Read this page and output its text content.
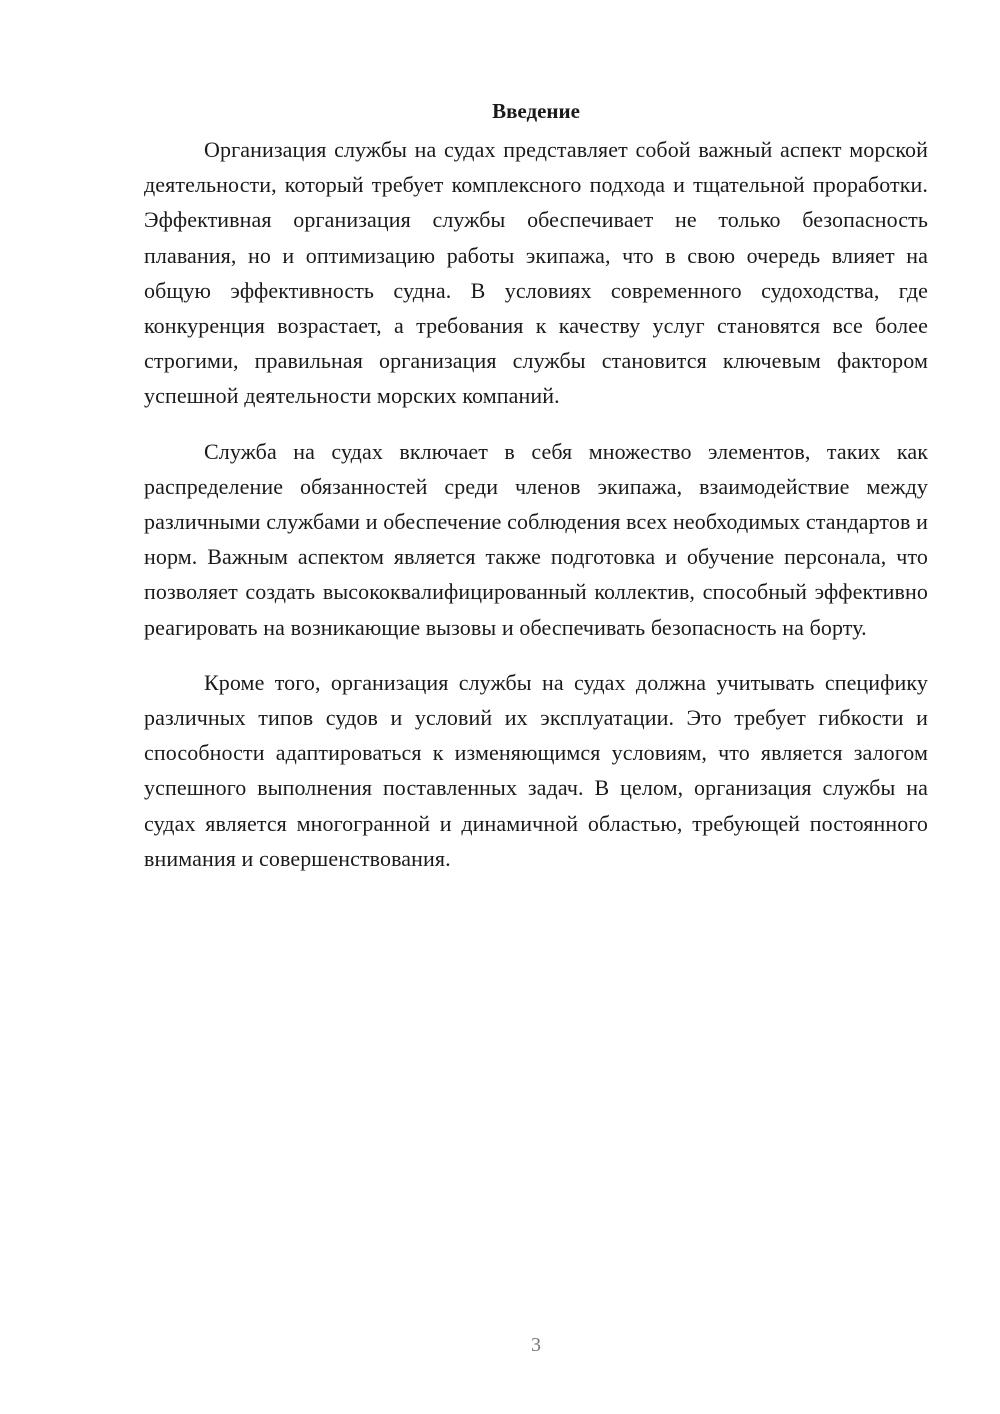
Введение

Организация службы на судах представляет собой важный аспект морской деятельности, который требует комплексного подхода и тщательной проработки. Эффективная организация службы обеспечивает не только безопасность плавания, но и оптимизацию работы экипажа, что в свою очередь влияет на общую эффективность судна. В условиях современного судоходства, где конкуренция возрастает, а требования к качеству услуг становятся все более строгими, правильная организация службы становится ключевым фактором успешной деятельности морских компаний.

Служба на судах включает в себя множество элементов, таких как распределение обязанностей среди членов экипажа, взаимодействие между различными службами и обеспечение соблюдения всех необходимых стандартов и норм. Важным аспектом является также подготовка и обучение персонала, что позволяет создать высококвалифицированный коллектив, способный эффективно реагировать на возникающие вызовы и обеспечивать безопасность на борту.

Кроме того, организация службы на судах должна учитывать специфику различных типов судов и условий их эксплуатации. Это требует гибкости и способности адаптироваться к изменяющимся условиям, что является залогом успешного выполнения поставленных задач. В целом, организация службы на судах является многогранной и динамичной областью, требующей постоянного внимания и совершенствования.

3
